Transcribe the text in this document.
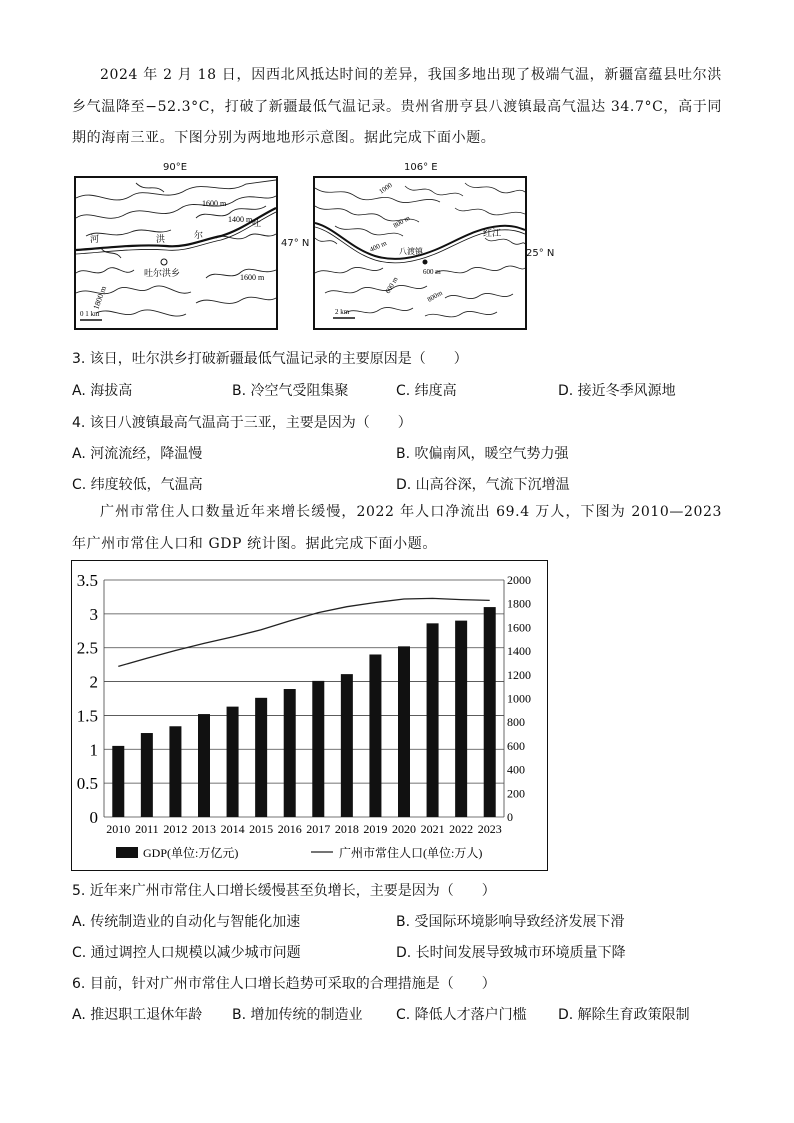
2024 年 2 月 18 日，因西北风抵达时间的差异，我国多地出现了极端气温，新疆富蕴县吐尔洪乡气温降至−52.3°C，打破了新疆最低气温记录。贵州省册亨县八渡镇最高气温达 34.7°C，高于同期的海南三亚。下图分别为两地地形示意图。据此完成下面小题。

90°E	106° E
1600 m
1400 m
1600 m
1800 m
河	洪	尔
吐
吐尔洪乡
0 1 km
47° N
1000
800 m
400 m
600 m
800m
600 m
红江
八渡镇
2 km
25° N

3. 该日，吐尔洪乡打破新疆最低气温记录的主要原因是（　　）

A. 海拔高	B. 冷空气受阻集聚	C. 纬度高	D. 接近冬季风源地

4. 该日八渡镇最高气温高于三亚，主要是因为（　　）

A. 河流流经，降温慢	B. 吹偏南风，暖空气势力强

C. 纬度较低，气温高	D. 山高谷深，气流下沉增温

广州市常住人口数量近年来增长缓慢，2022 年人口净流出 69.4 万人，下图为 2010—2023 年广州市常住人口和 GDP 统计图。据此完成下面小题。

0
0.5
1
1.5
2
2.5
3
3.5
0
200
400
600
800
1000
1200
1400
1600
1800
2000
2010 2011 2012 2013 2014 2015 2016 2017 2018 2019 2020 2021 2022 2023
GDP(单位:万亿元)	广州市常住人口(单位:万人)

5. 近年来广州市常住人口增长缓慢甚至负增长，主要是因为（　　）

A. 传统制造业的自动化与智能化加速	B. 受国际环境影响导致经济发展下滑

C. 通过调控人口规模以减少城市问题	D. 长时间发展导致城市环境质量下降

6. 目前，针对广州市常住人口增长趋势可采取的合理措施是（　　）

A. 推迟职工退休年龄 B. 增加传统的制造业 C. 降低人才落户门槛 D. 解除生育政策限制
